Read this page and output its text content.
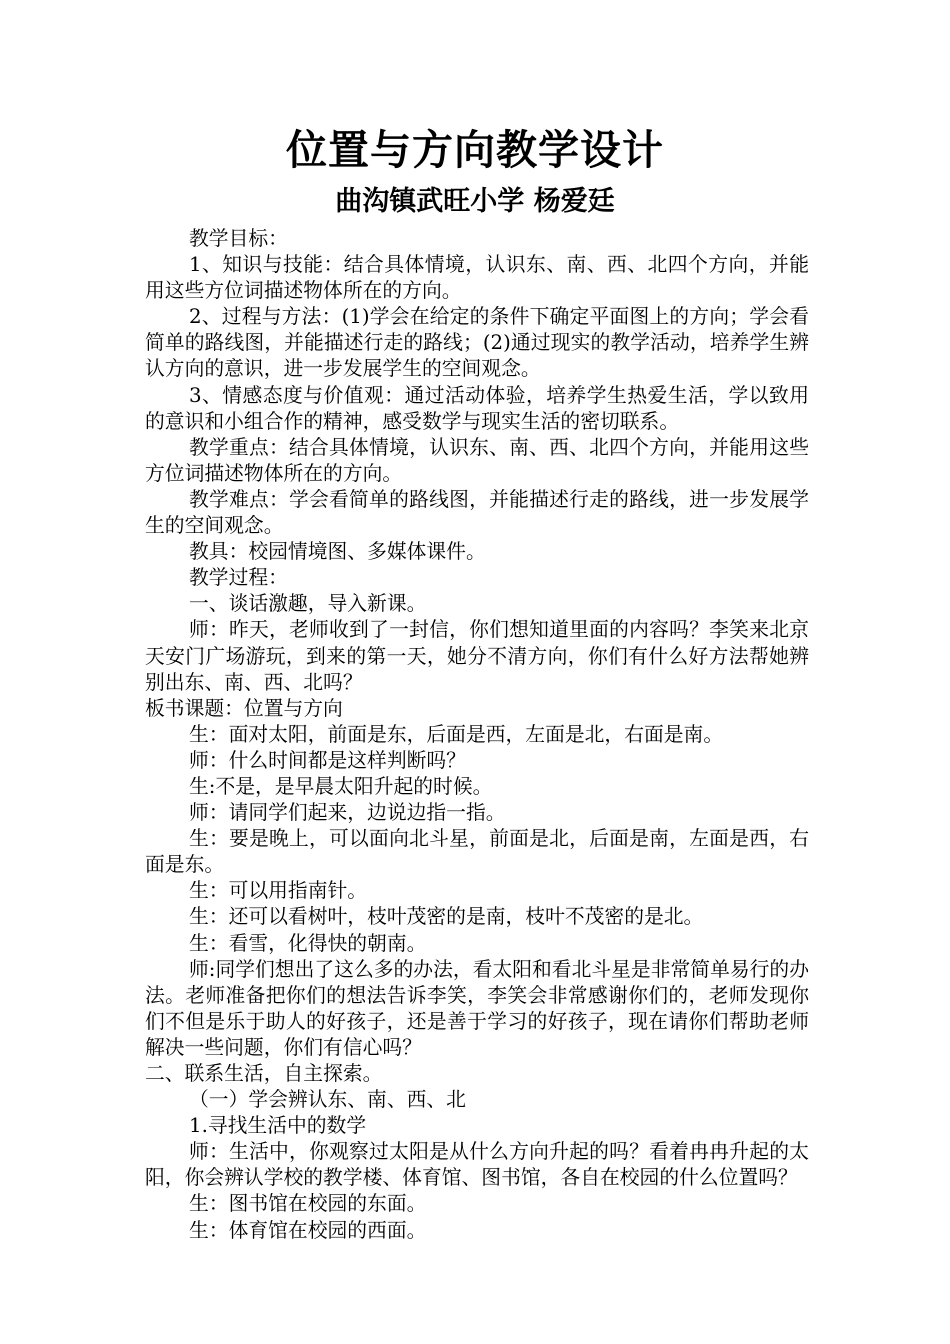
位置与方向教学设计
曲沟镇武旺小学 杨爱廷

教学目标：

1、知识与技能：结合具体情境，认识东、南、西、北四个方向，并能用这些方位词描述物体所在的方向。

2、过程与方法：(1)学会在给定的条件下确定平面图上的方向；学会看简单的路线图，并能描述行走的路线；(2)通过现实的教学活动，培养学生辨认方向的意识，进一步发展学生的空间观念。

3、情感态度与价值观：通过活动体验，培养学生热爱生活，学以致用的意识和小组合作的精神，感受数学与现实生活的密切联系。

教学重点：结合具体情境，认识东、南、西、北四个方向，并能用这些方位词描述物体所在的方向。

教学难点：学会看简单的路线图，并能描述行走的路线，进一步发展学生的空间观念。

教具：校园情境图、多媒体课件。

教学过程：

一、谈话激趣，导入新课。

师：昨天，老师收到了一封信，你们想知道里面的内容吗？李笑来北京天安门广场游玩，到来的第一天，她分不清方向，你们有什么好方法帮她辨别出东、南、西、北吗？

板书课题：位置与方向

生：面对太阳，前面是东，后面是西，左面是北，右面是南。

师：什么时间都是这样判断吗？

生:不是，是早晨太阳升起的时候。

师：请同学们起来，边说边指一指。

生：要是晚上，可以面向北斗星，前面是北，后面是南，左面是西，右面是东。

生：可以用指南针。

生：还可以看树叶，枝叶茂密的是南，枝叶不茂密的是北。

生：看雪，化得快的朝南。

师:同学们想出了这么多的办法，看太阳和看北斗星是非常简单易行的办法。老师准备把你们的想法告诉李笑，李笑会非常感谢你们的，老师发现你们不但是乐于助人的好孩子，还是善于学习的好孩子，现在请你们帮助老师解决一些问题，你们有信心吗？

二、联系生活，自主探索。

（一）学会辨认东、南、西、北

1.寻找生活中的数学

师：生活中，你观察过太阳是从什么方向升起的吗？看着冉冉升起的太阳，你会辨认学校的教学楼、体育馆、图书馆，各自在校园的什么位置吗？

生：图书馆在校园的东面。

生：体育馆在校园的西面。
